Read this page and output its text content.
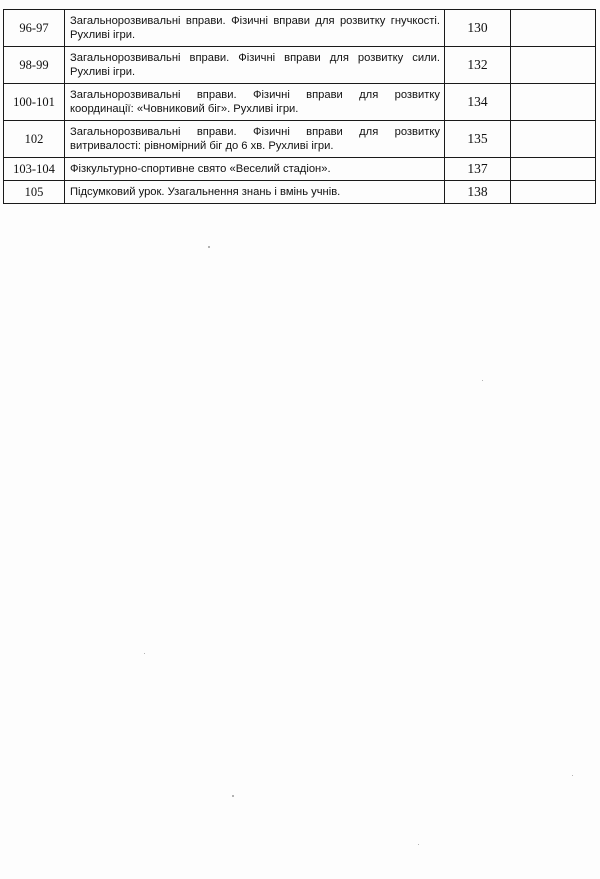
96-97	Загальнорозвивальні вправи. Фізичні вправи для розвитку гнучкості. Рухливі ігри.	130	
98-99	Загальнорозвивальні вправи. Фізичні вправи для розвитку сили. Рухливі ігри.	132	
100-101	Загальнорозвивальні вправи. Фізичні вправи для розвитку координації: «Човниковий біг». Рухливі ігри.	134	
102	Загальнорозвивальні вправи. Фізичні вправи для розвитку витривалості: рівномірний біг до 6 хв. Рухливі ігри.	135	
103-104	Фізкультурно-спортивне свято «Веселий стадіон».	137	
105	Підсумковий урок. Узагальнення знань і вмінь учнів.	138	
